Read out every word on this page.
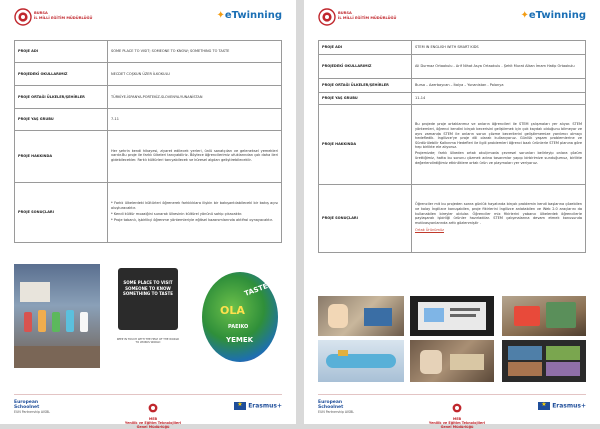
BURSA
İL MİLLİ EĞİTİM MÜDÜRLÜĞÜ	✦eTwinning
PROJE ADI	SOME PLACE TO VISIT; SOMEONE TO KNOW; SOMETHING TO TASTE
PROJEDEKİ OKULLARIMIZ	NECDET COŞKUN ÜZER İLKOKULU
PROJE ORTAĞI ÜLKELER/ŞEHİRLER	TÜRKİYE-İSPANYA-PORTEKİZ-SLOVENYA-YUNANİSTAN
PROJE YAŞ GRUBU	7-11
PROJE HAKKINDA	Her şehrin kendi hikayesi, ziyaret edilecek yerleri, ünlü sanatçıları ve geleneksel yemekleri vardır.Bu proje ile farklı ülkeleri tanıyabiliriz. Böylece öğrencilerimiz ufuklarından çok daha ileri gidebilecekler. Farklı kültürleri tanıyabilecek ve küresel algıları geliştirebileceklir.

PROJE SONUÇLARI	* Farklı ülkelerdeki kültürleri öğrenerek farklılıklara ilişkin bir bakışantılabilecekl bir bakış açısı oluşturacaktır.

* Kendi kültür mozaiğini sunarak ülkesinin kültürel yönünü sahip çıkacaktır.

* Proje tabanlı, işbirlikçi öğrenme yöntemleriyle eğitsel kazanımlarında aktifrol oynayacaktır.

SOME PLACE TO VISIT SOMEONE TO KNOW SOMETHING TO TASTE
KEEP IN TOUCH WITH THE HELP OF THE WORLD TO WORKS WORLD
TASTE
OLA
PAEIKO
YEMEK
European
Schoolnet
EUN Partnership AISBL
MEB
Yenilik ve Eğitim Teknolojileri
Genel Müdürlüğü
★Erasmus+
BURSA
İL MİLLİ EĞİTİM MÜDÜRLÜĞÜ	✦eTwinning
PROJE ADI	STEM IN ENGLISH WITH SMART KIDS
PROJEDEKİ OKULLARIMIZ	Ali Durmaz Ortaokulu - Arif Nihat Asya Ortaokulu - Şehit Murat Alkan İmam Hatip Ortaokulu
PROJE ORTAĞI ÜLKELER/ŞEHİRLER	Bursa – Azerbaycan – İtalya – Yunanistan - Polonya
PROJE YAŞ GRUBU	11-14
PROJE HAKKINDA	Bu projede proje ortaklarımız ve onların öğrencileri ile STEM çalışmaları yer alıyor. STEM yöntemleri, öğrenci kendini birçok becerisini geliştirmek için çok kaydalı olduğunu bilmeyor ve aynı zamanda STEM ile onların sorun çözme becerilerini geliştirmemize yardımcı olmayı hedefledik. İngilizce'ye proje dili olarak kullanıyoruz. Günlük yaşam problemlerine ve Sürdürülebilir Kalkınma Hedefleri ile ilgili problemleri öğrenci bazlı ürünlerle STEM planına göre hep birlikte ele alıyoruz.

Projemizde; farklı ülkeden ortak okul/ımızda çevresel sorunları belirleyip onlara çözüm ürettiğimiz, hatta bu sorunu çözmek adına tasarımlar yapıp birbirimize sunduğumuz, birlikte değerlendirdiğimiz etkinliklere ortak ürün ve playmoları yer veriyoruz.

PROJE SONUÇLARI	Öğrenciler mit bu projeden sonra günlük hayatında birçok problemin kendi başlarına çözebilen ve kolay İngilizce konuşabilen, proje fikirlerini İngilizce anlatabilen ve Web 2.0 araçlarını da kullanabilen bireyler oldular. Öğrenciler mix fikirlerini yabancı ülkelerdek öğrencilerle paylaşarak işbirliği ürünler hazırladılar. STEM çalışmalarına devam etmek konusunda motivasyonlarında arttı gözlenmiştir .

Ortak Ürünümüz

European
Schoolnet
EUN Partnership AISBL
MEB
Yenilik ve Eğitim Teknolojileri
Genel Müdürlüğü
★Erasmus+
